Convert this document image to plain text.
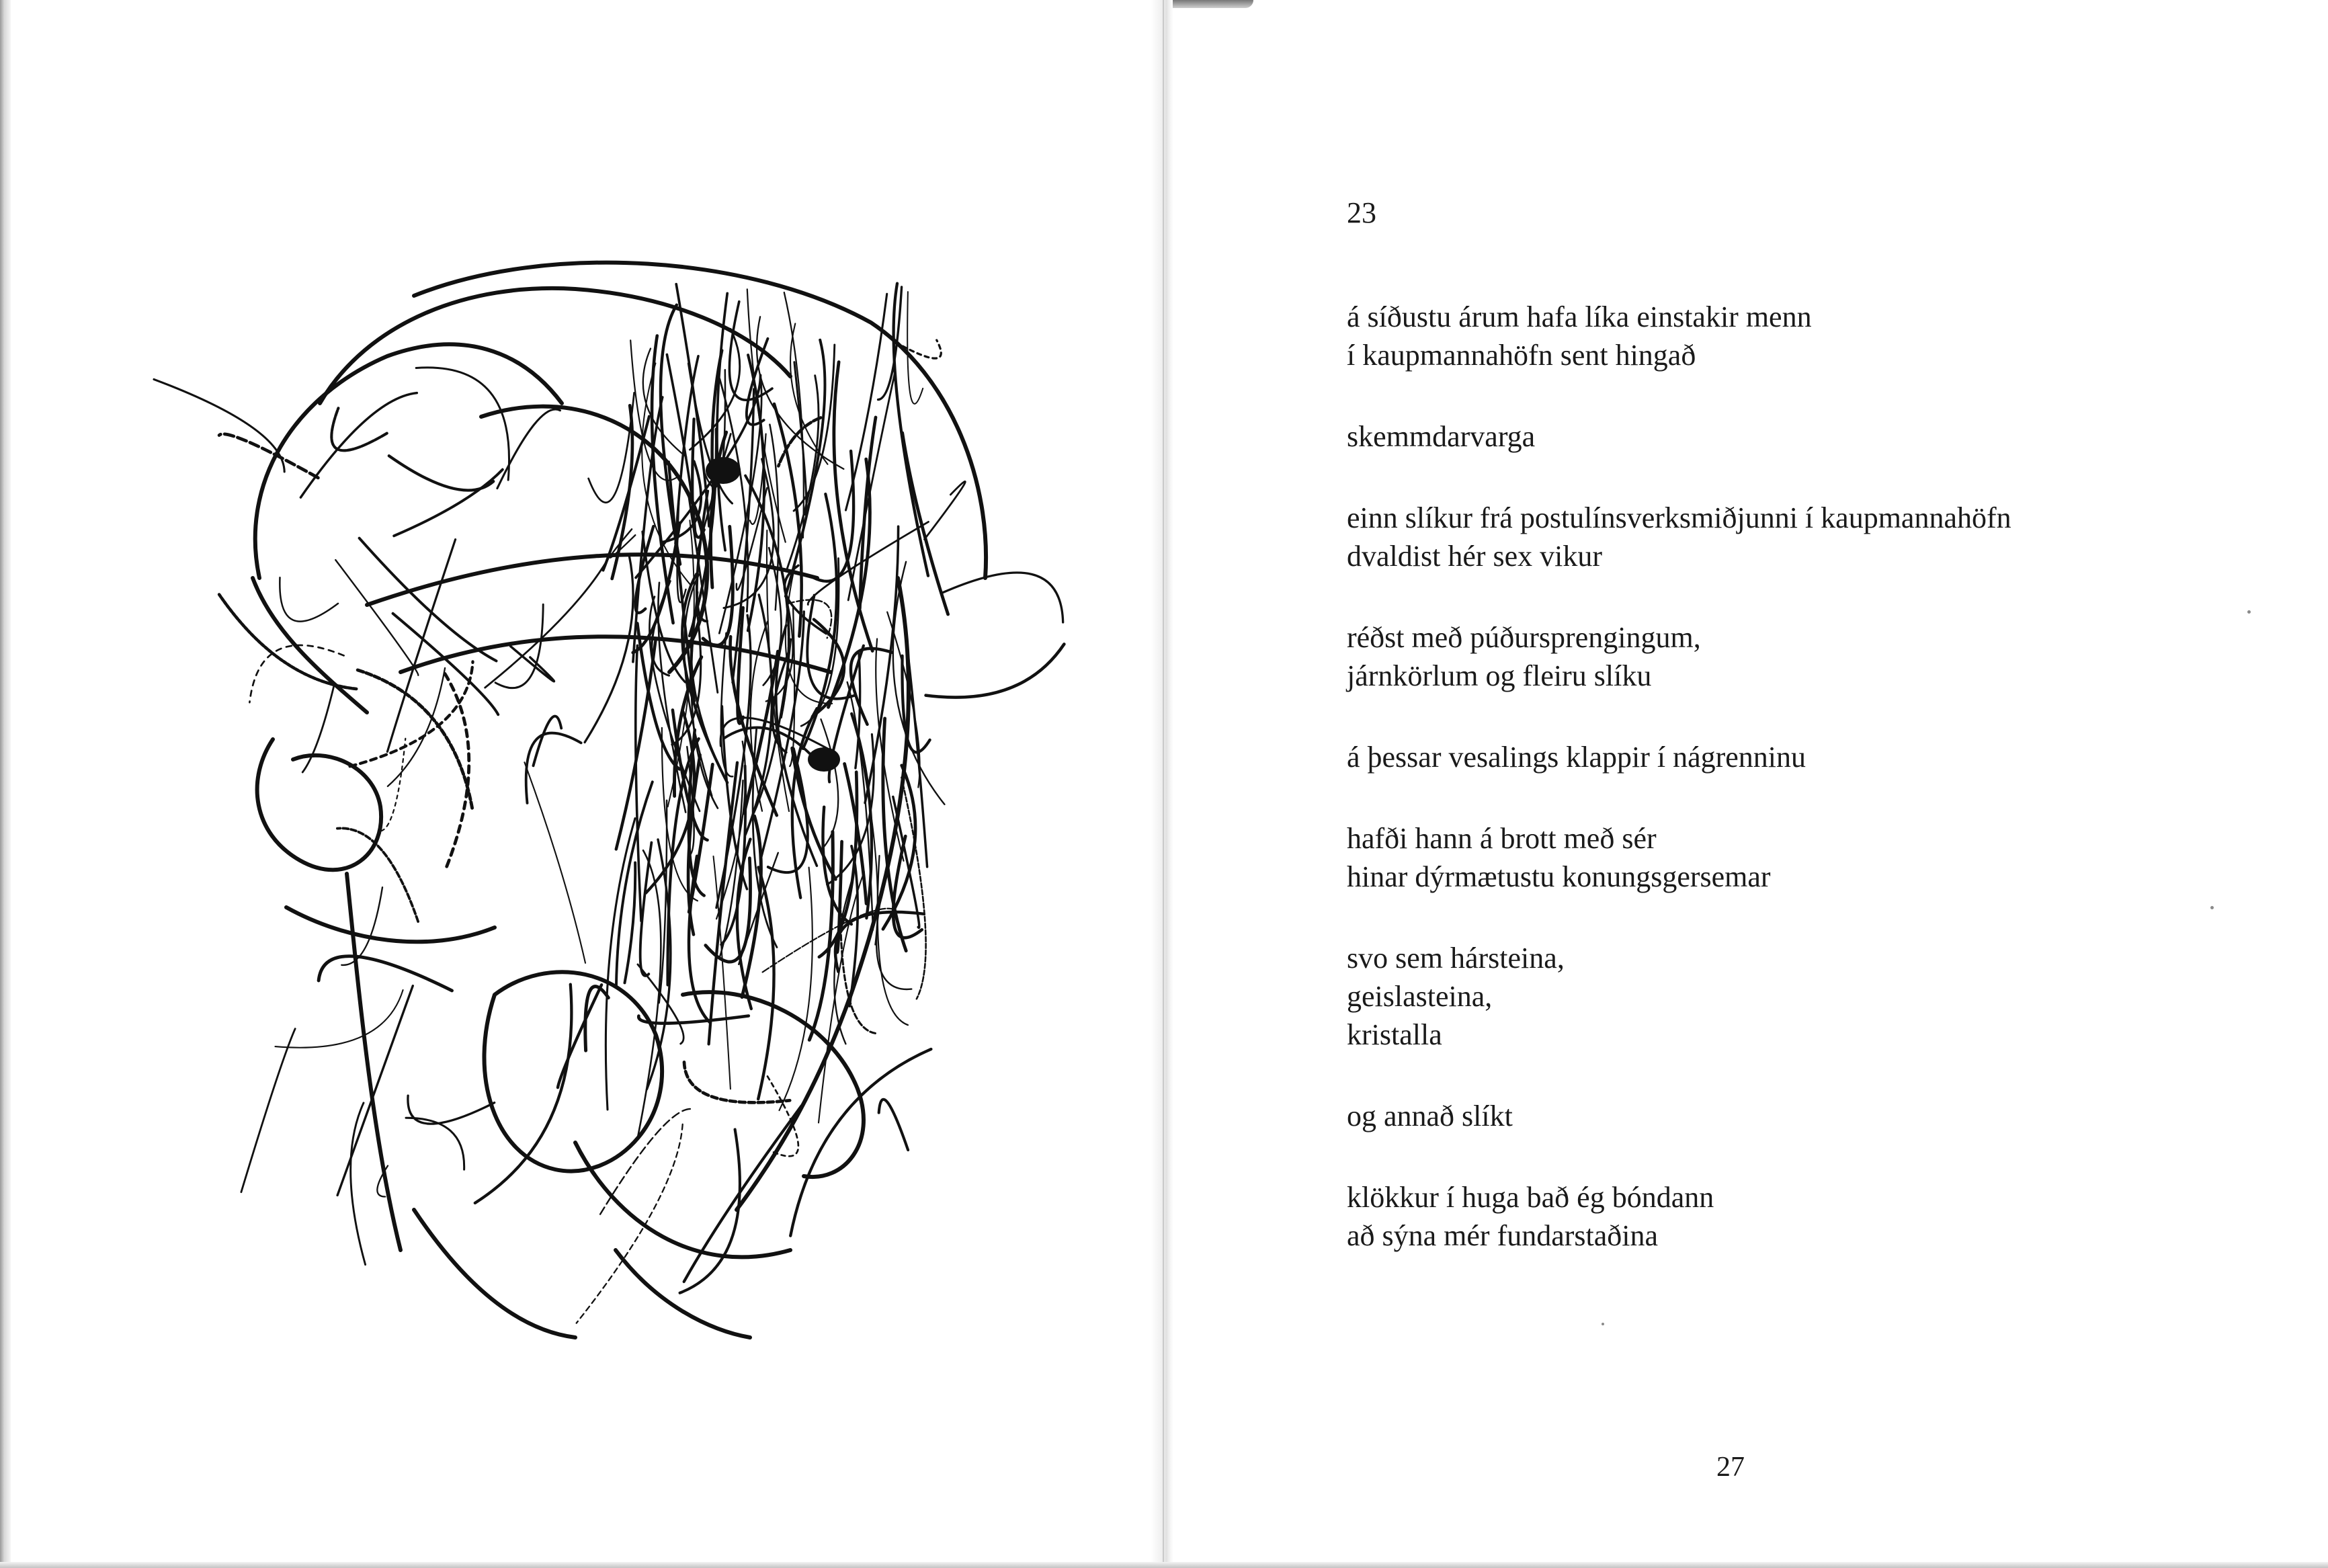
23
á síðustu árum hafa líka einstakir menn
í kaupmannahöfn sent hingað
skemmdarvarga
einn slíkur frá postulínsverksmiðjunni í kaupmannahöfn
dvaldist hér sex vikur
réðst með púðursprengingum,
járnkörlum og fleiru slíku
á þessar vesalings klappir í nágrenninu
hafði hann á brott með sér
hinar dýrmætustu konungsgersemar
svo sem hársteina,
geislasteina,
kristalla
og annað slíkt
klökkur í huga bað ég bóndann
að sýna mér fundarstaðina
27
